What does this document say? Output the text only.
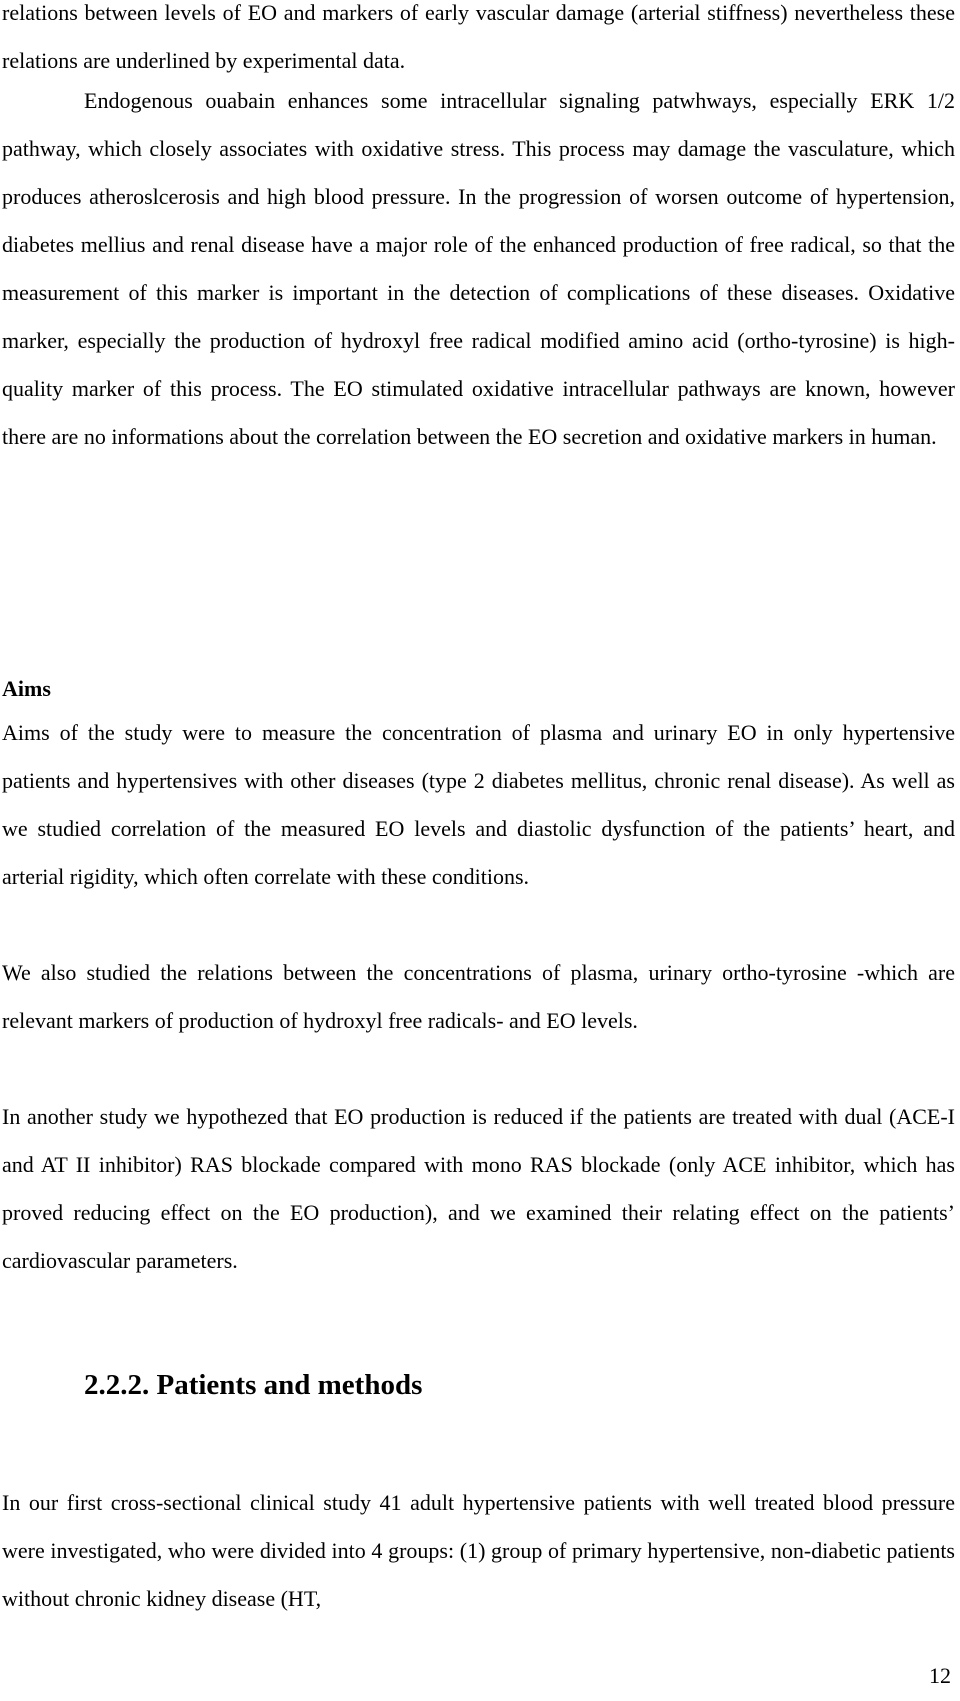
relations between levels of EO and markers of early vascular damage (arterial stiffness) nevertheless these relations are underlined by experimental data.

Endogenous ouabain enhances some intracellular signaling patwhways, especially ERK 1/2 pathway, which closely associates with oxidative stress. This process may damage the vasculature, which produces atheroslcerosis and high blood pressure. In the progression of worsen outcome of hypertension, diabetes mellius and renal disease have a major role of the enhanced production of free radical, so that the measurement of this marker is important in the detection of complications of these diseases. Oxidative marker, especially the production of hydroxyl free radical modified amino acid (ortho-tyrosine) is high-quality marker of this process. The EO stimulated oxidative intracellular pathways are known, however there are no informations about the correlation between the EO secretion and oxidative markers in human.

Aims

Aims of the study were to measure the concentration of plasma and urinary EO in only hypertensive patients and hypertensives with other diseases (type 2 diabetes mellitus, chronic renal disease). As well as we studied correlation of the measured EO levels and diastolic dysfunction of the patients’ heart, and arterial rigidity, which often correlate with these conditions.

We also studied the relations between the concentrations of plasma, urinary ortho-tyrosine -which are relevant markers of production of hydroxyl free radicals- and EO levels.

In another study we hypothezed that EO production is reduced if the patients are treated with dual (ACE-I and AT II inhibitor) RAS blockade compared with mono RAS blockade (only ACE inhibitor, which has proved reducing effect on the EO production), and we examined their relating effect on the patients’ cardiovascular parameters.

2.2.2. Patients and methods

In our first cross-sectional clinical study 41 adult hypertensive patients with well treated blood pressure were investigated, who were divided into 4 groups: (1) group of primary hypertensive, non-diabetic patients without chronic kidney disease (HT,

12
